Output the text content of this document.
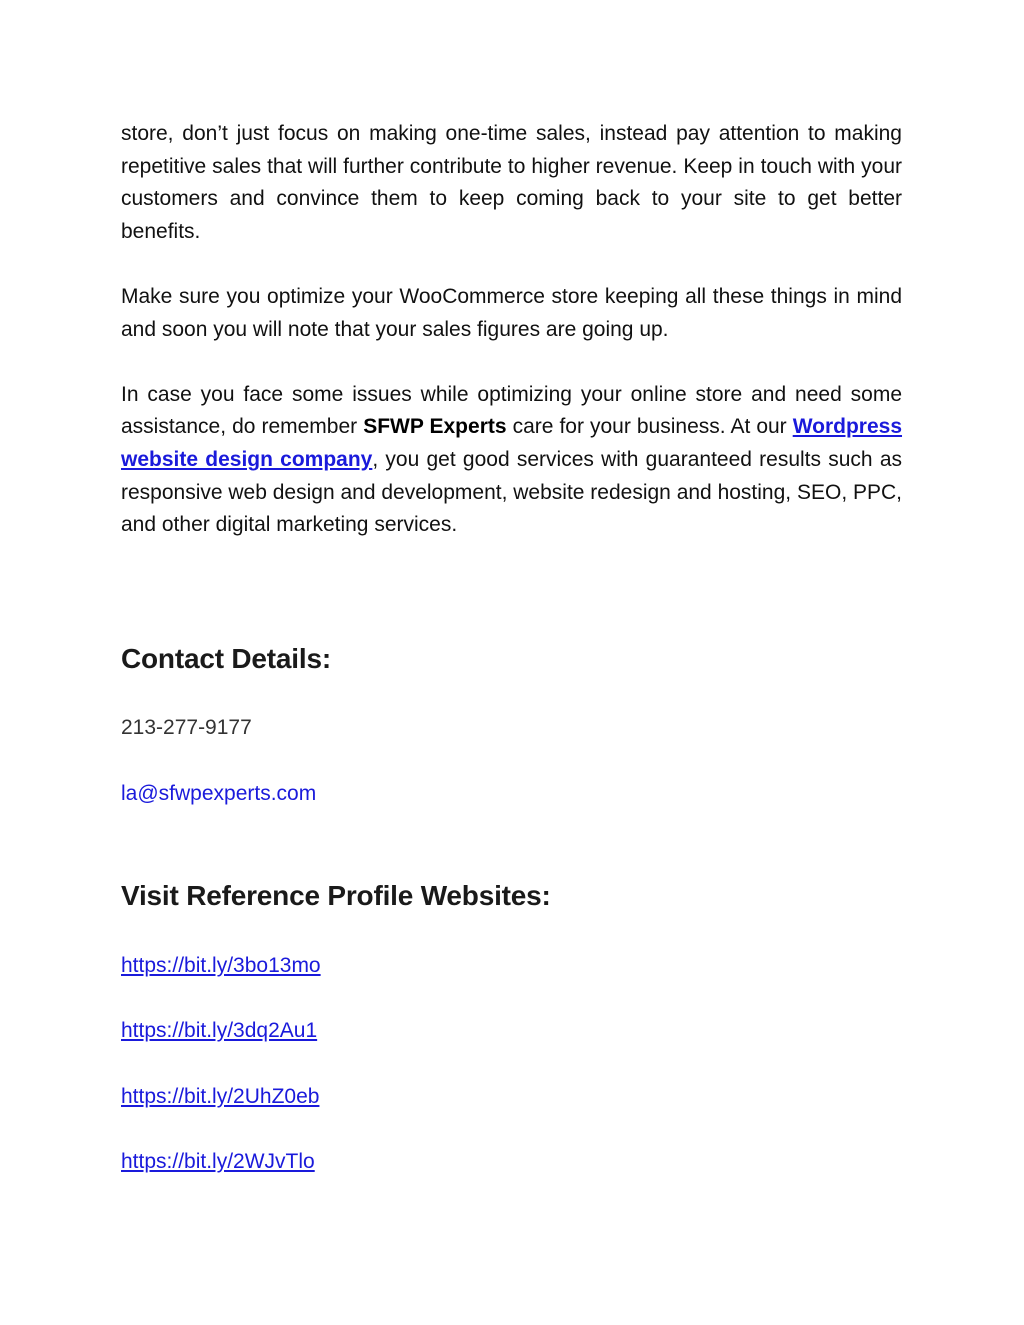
store, don’t just focus on making one-time sales, instead pay attention to making repetitive sales that will further contribute to higher revenue. Keep in touch with your customers and convince them to keep coming back to your site to get better benefits.

Make sure you optimize your WooCommerce store keeping all these things in mind and soon you will note that your sales figures are going up.

In case you face some issues while optimizing your online store and need some assistance, do remember SFWP Experts care for your business. At our Wordpress website design company, you get good services with guaranteed results such as responsive web design and development, website redesign and hosting, SEO, PPC, and other digital marketing services.

Contact Details:

213-277-9177

la@sfwpexperts.com
Visit Reference Profile Websites:
https://bit.ly/3bo13mo
https://bit.ly/3dq2Au1
https://bit.ly/2UhZ0eb
https://bit.ly/2WJvTlo
